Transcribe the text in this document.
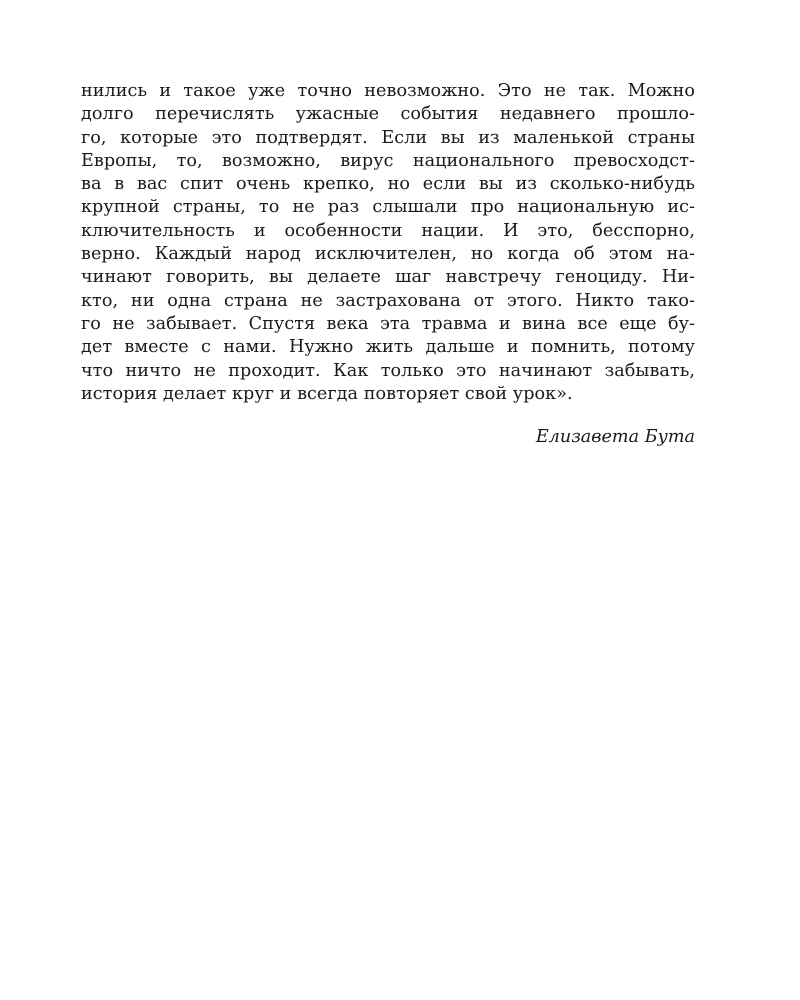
нились и такое уже точно невозможно. Это не так. Можно
долго перечислять ужасные события недавнего прошло-
го, которые это подтвердят. Если вы из маленькой страны
Европы, то, возможно, вирус национального превосходст-
ва в вас спит очень крепко, но если вы из сколько-нибудь
крупной страны, то не раз слышали про национальную ис-
ключительность и особенности нации. И это, бесспорно,
верно. Каждый народ исключителен, но когда об этом на-
чинают говорить, вы делаете шаг навстречу геноциду. Ни-
кто, ни одна страна не застрахована от этого. Никто тако-
го не забывает. Спустя века эта травма и вина все еще бу-
дет вместе с нами. Нужно жить дальше и помнить, потому
что ничто не проходит. Как только это начинают забывать,
история делает круг и всегда повторяет свой урок».
Елизавета Бута
